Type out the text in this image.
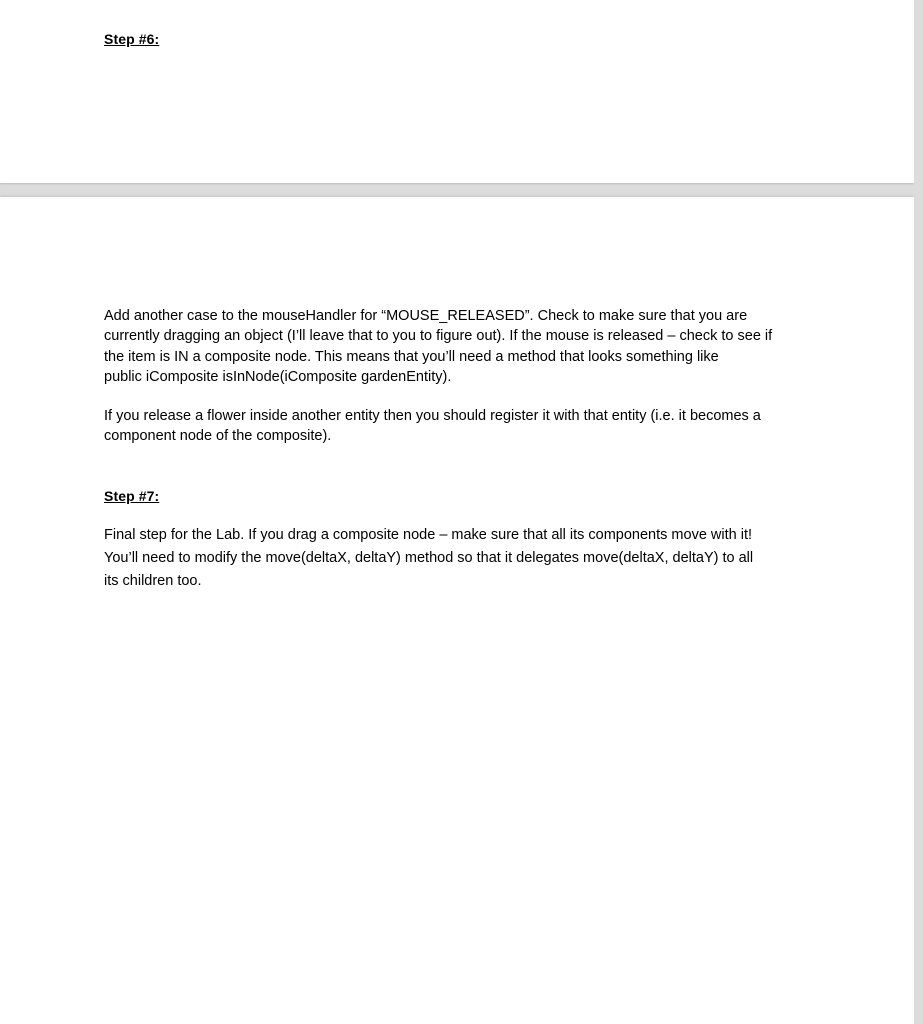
Step #6:
Add another case to the mouseHandler for “MOUSE_RELEASED”. Check to make sure that you are
currently dragging an object (I’ll leave that to you to figure out). If the mouse is released – check to see if
the item is IN a composite node. This means that you’ll need a method that looks something like
public iComposite isInNode(iComposite gardenEntity).
If you release a flower inside another entity then you should register it with that entity (i.e. it becomes a
component node of the composite).
Step #7:
Final step for the Lab. If you drag a composite node – make sure that all its components move with it!
You’ll need to modify the move(deltaX, deltaY) method so that it delegates move(deltaX, deltaY) to all
its children too.
